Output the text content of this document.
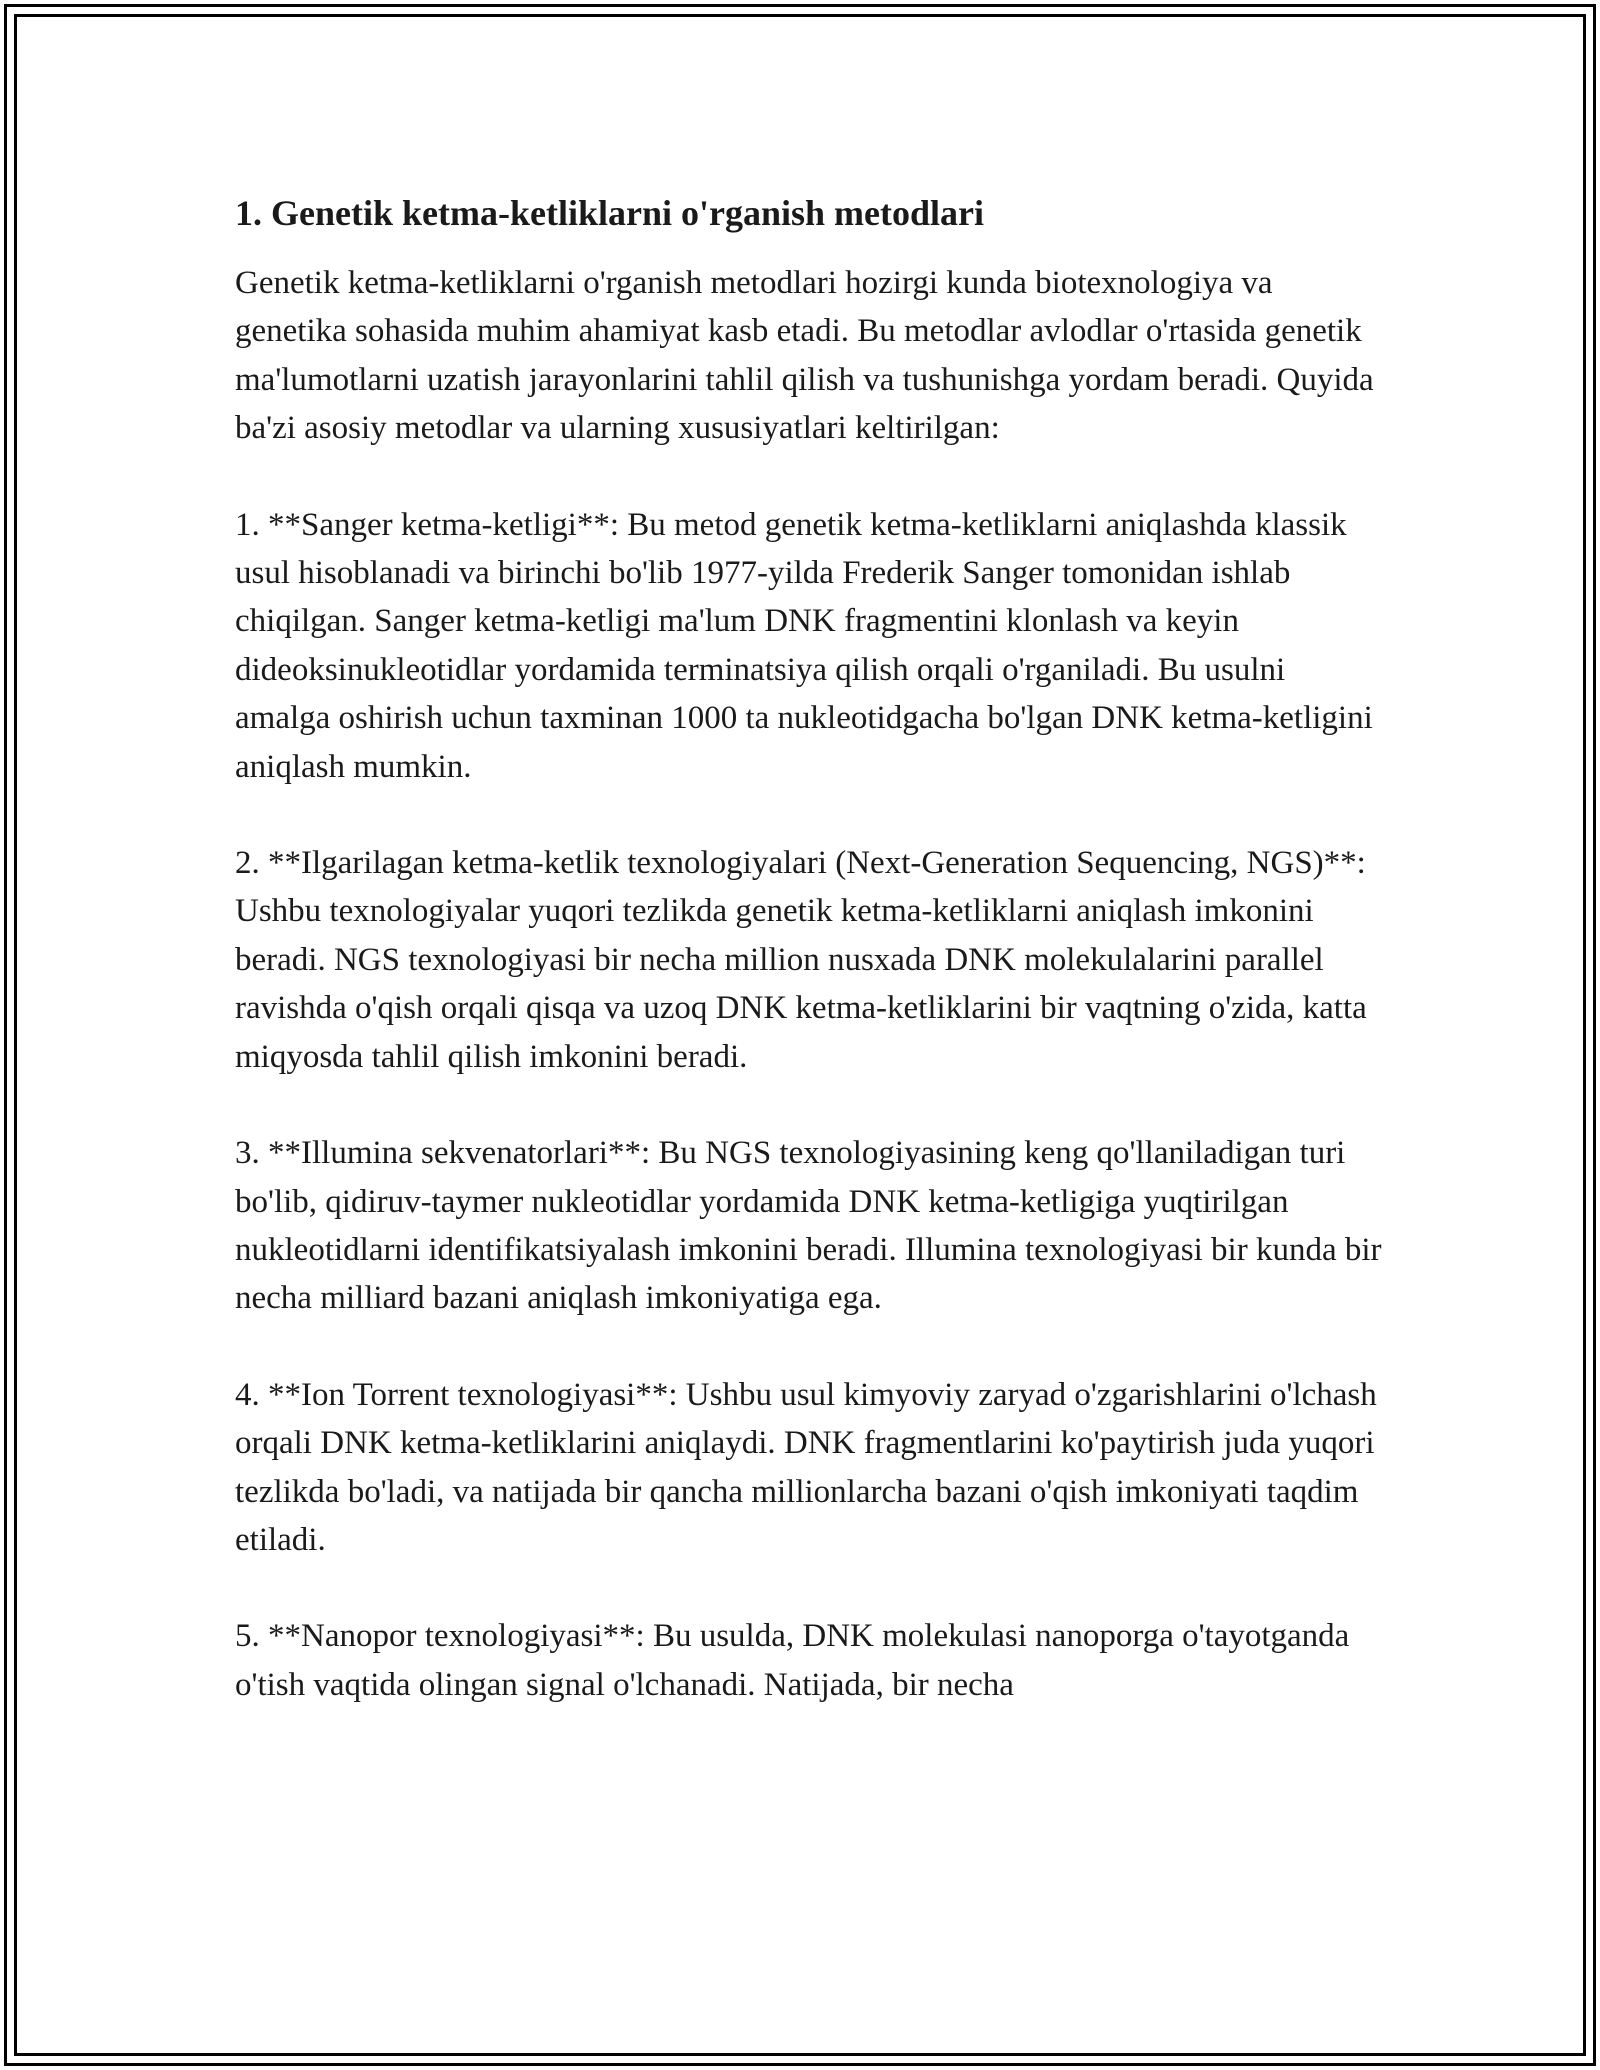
1. Genetik ketma-ketliklarni o'rganish metodlari

Genetik ketma-ketliklarni o'rganish metodlari hozirgi kunda biotexnologiya va genetika sohasida muhim ahamiyat kasb etadi. Bu metodlar avlodlar o'rtasida genetik ma'lumotlarni uzatish jarayonlarini tahlil qilish va tushunishga yordam beradi. Quyida ba'zi asosiy metodlar va ularning xususiyatlari keltirilgan:

1. **Sanger ketma-ketligi**: Bu metod genetik ketma-ketliklarni aniqlashda klassik usul hisoblanadi va birinchi bo'lib 1977-yilda Frederik Sanger tomonidan ishlab chiqilgan. Sanger ketma-ketligi ma'lum DNK fragmentini klonlash va keyin dideoksinukleotidlar yordamida terminatsiya qilish orqali o'rganiladi. Bu usulni amalga oshirish uchun taxminan 1000 ta nukleotidgacha bo'lgan DNK ketma-ketligini aniqlash mumkin.

2. **Ilgarilagan ketma-ketlik texnologiyalari (Next-Generation Sequencing, NGS)**: Ushbu texnologiyalar yuqori tezlikda genetik ketma-ketliklarni aniqlash imkonini beradi. NGS texnologiyasi bir necha million nusxada DNK molekulalarini parallel ravishda o'qish orqali qisqa va uzoq DNK ketma-ketliklarini bir vaqtning o'zida, katta miqyosda tahlil qilish imkonini beradi.

3. **Illumina sekvenatorlari**: Bu NGS texnologiyasining keng qo'llaniladigan turi bo'lib, qidiruv-taymer nukleotidlar yordamida DNK ketma-ketligiga yuqtirilgan nukleotidlarni identifikatsiyalash imkonini beradi. Illumina texnologiyasi bir kunda bir necha milliard bazani aniqlash imkoniyatiga ega.

4. **Ion Torrent texnologiyasi**: Ushbu usul kimyoviy zaryad o'zgarishlarini o'lchash orqali DNK ketma-ketliklarini aniqlaydi. DNK fragmentlarini ko'paytirish juda yuqori tezlikda bo'ladi, va natijada bir qancha millionlarcha bazani o'qish imkoniyati taqdim etiladi.

5. **Nanopor texnologiyasi**: Bu usulda, DNK molekulasi nanoporga o'tayotganda o'tish vaqtida olingan signal o'lchanadi. Natijada, bir necha
